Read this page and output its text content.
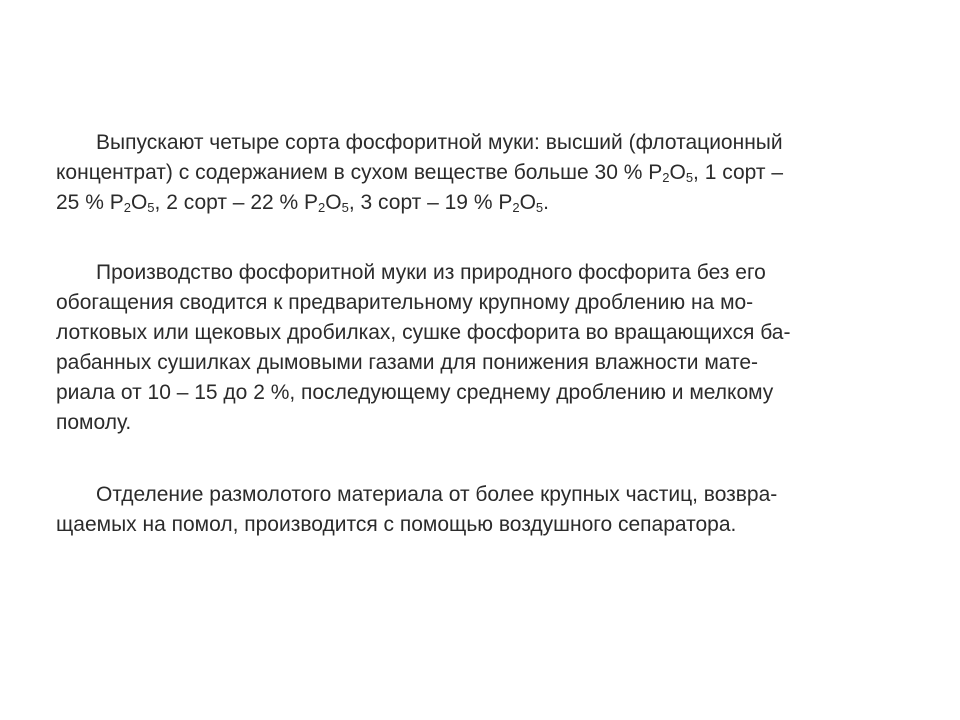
Выпускают четыре сорта фосфоритной муки: высший (флотационный
концентрат) с содержанием в сухом веществе больше 30 % $P_2O_5$, 1 сорт –
25 % $P_2O_5$, 2 сорт – 22 % $P_2O_5$, 3 сорт – 19 % $P_2O_5$.

Производство фосфоритной муки из природного фосфорита без его
обогащения сводится к предварительному крупному дроблению на мо-
лотковых или щековых дробилках, сушке фосфорита во вращающихся ба-
рабанных сушилках дымовыми газами для понижения влажности мате-
риала от 10 – 15 до 2 %, последующему среднему дроблению и мелкому
помолу.

Отделение размолотого материала от более крупных частиц, возвра-
щаемых на помол, производится с помощью воздушного сепаратора.
